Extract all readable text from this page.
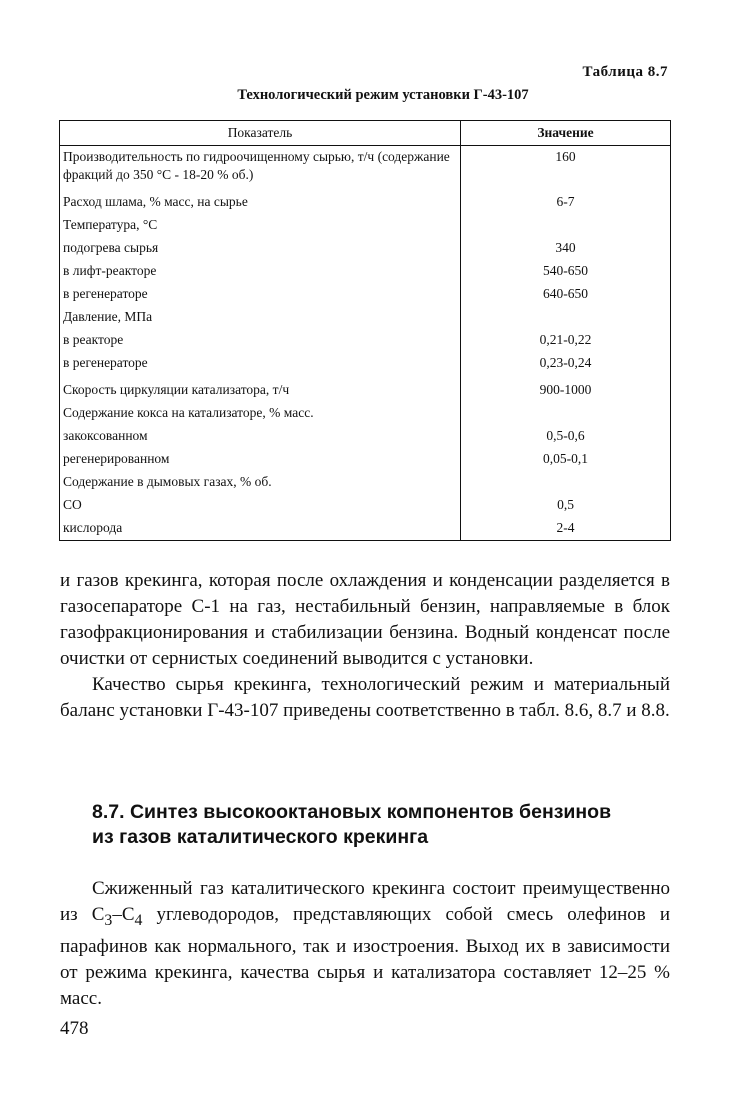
Таблица 8.7
Технологический режим установки Г-43-107
Показатель	Значение
Производительность по гидроочищенному сырью, т/ч (содержание фракций до 350 °С - 18-20 % об.)	160
Расход шлама, % масс, на сырье	6-7
Температура, °С	
подогрева сырья	340
в лифт-реакторе	540-650
в регенераторе	640-650
Давление, МПа	
в реакторе	0,21-0,22
в регенераторе	0,23-0,24
Скорость циркуляции катализатора, т/ч	900-1000
Содержание кокса на катализаторе, % масс.	
закоксованном	0,5-0,6
регенерированном	0,05-0,1
Содержание в дымовых газах, % об.	
CO	0,5
кислорода	2-4

и газов крекинга, которая после охлаждения и конденсации разделяется в газосепараторе С-1 на газ, нестабильный бензин, направляемые в блок газофракционирования и стабилизации бензина. Водный конденсат после очистки от сернистых соединений выводится с установки.

Качество сырья крекинга, технологический режим и материальный баланс установки Г-43-107 приведены соответственно в табл. 8.6, 8.7 и 8.8.

8.7. Синтез высокооктановых компонентов бензинов
из газов каталитического крекинга

Сжиженный газ каталитического крекинга состоит преимущественно из $C_3-C_4$ углеводородов, представляющих собой смесь олефинов и парафинов как нормального, так и изостроения. Выход их в зависимости от режима крекинга, качества сырья и катализатора составляет 12–25 % масс.

478
